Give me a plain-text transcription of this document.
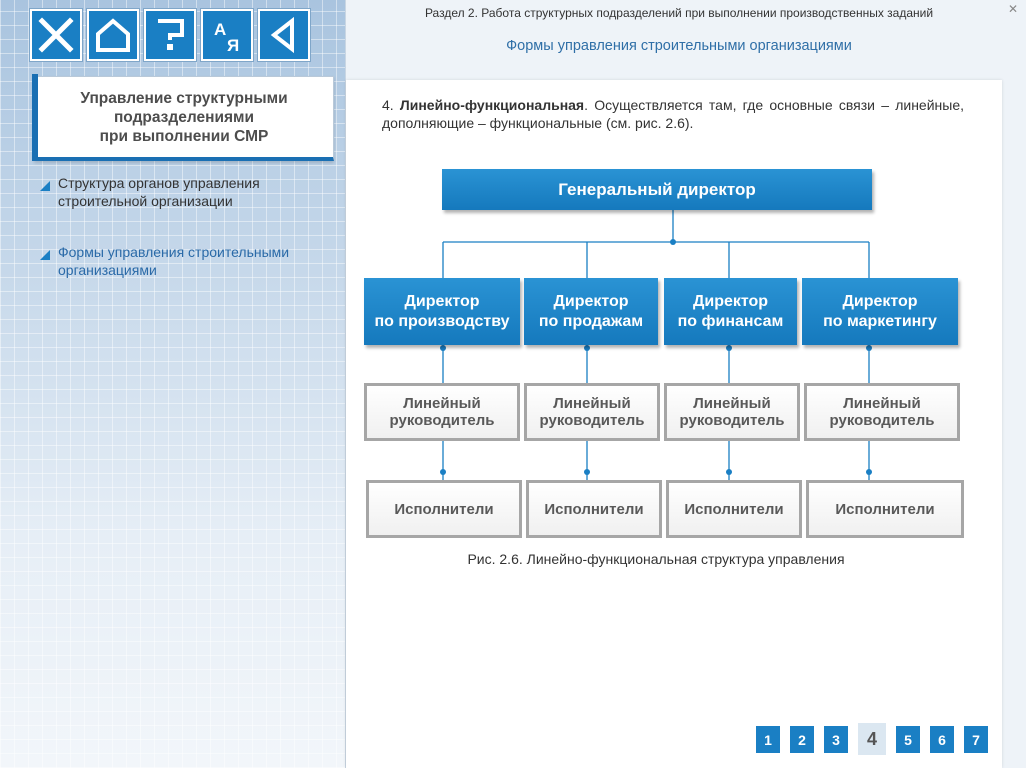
А
Я
Управление структурными
подразделениями
при выполнении СМР
Структура органов управления
строительной организации
Формы управления строительными
организациями
Раздел 2. Работа структурных подразделений при выполнении производственных заданий
Формы управления строительными организациями
✕
4. Линейно-функциональная. Осуществляется там, где основные связи – линейные, дополняющие – функциональные (см. рис. 2.6).
Генеральный директор
Директор
по производству
Директор
по продажам
Директор
по финансам
Директор
по маркетингу
Линейный
руководитель
Линейный
руководитель
Линейный
руководитель
Линейный
руководитель
Исполнители	Исполнители	Исполнители	Исполнители
Рис. 2.6. Линейно-функциональная структура управления
1	2	3	4	5	6	7
